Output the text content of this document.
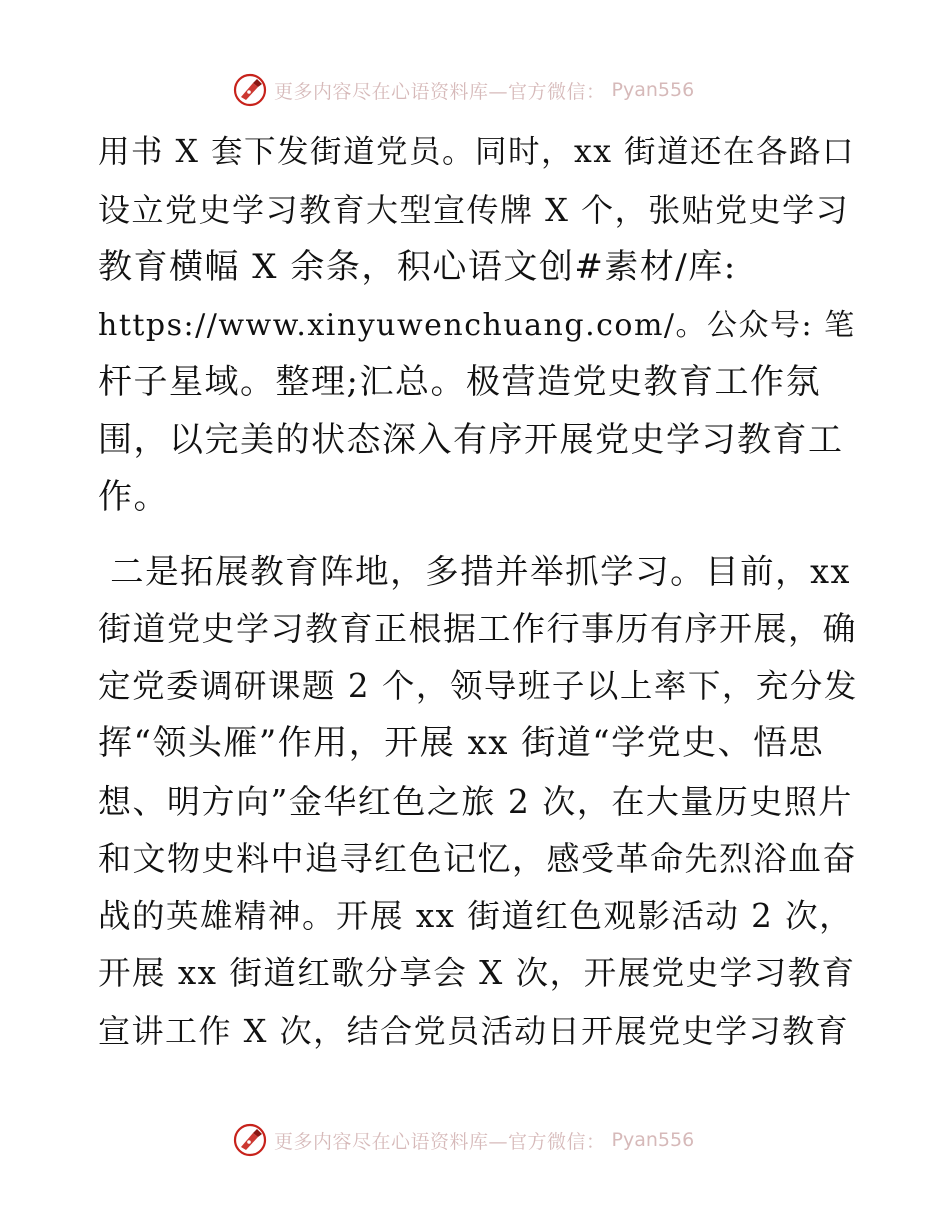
更多内容尽在心语资料库—官方微信： Pyan556
用书 X 套下发街道党员。同时，xx 街道还在各路口
设立党史学习教育大型宣传牌 X 个，张贴党史学习
教育横幅 X 余条，积心语文创#素材/库:
https://www.xinyuwenchuang.com/。公众号: 笔
杆子星域。整理;汇总。极营造党史教育工作氛
围，以完美的状态深入有序开展党史学习教育工
作。
二是拓展教育阵地，多措并举抓学习。目前，xx
街道党史学习教育正根据工作行事历有序开展，确
定党委调研课题 2 个，领导班子以上率下，充分发
挥“领头雁”作用，开展 xx 街道“学党史、悟思
想、明方向”金华红色之旅 2 次，在大量历史照片
和文物史料中追寻红色记忆，感受革命先烈浴血奋
战的英雄精神。开展 xx 街道红色观影活动 2 次，
开展 xx 街道红歌分享会 X 次，开展党史学习教育
宣讲工作 X 次，结合党员活动日开展党史学习教育
更多内容尽在心语资料库—官方微信： Pyan556
